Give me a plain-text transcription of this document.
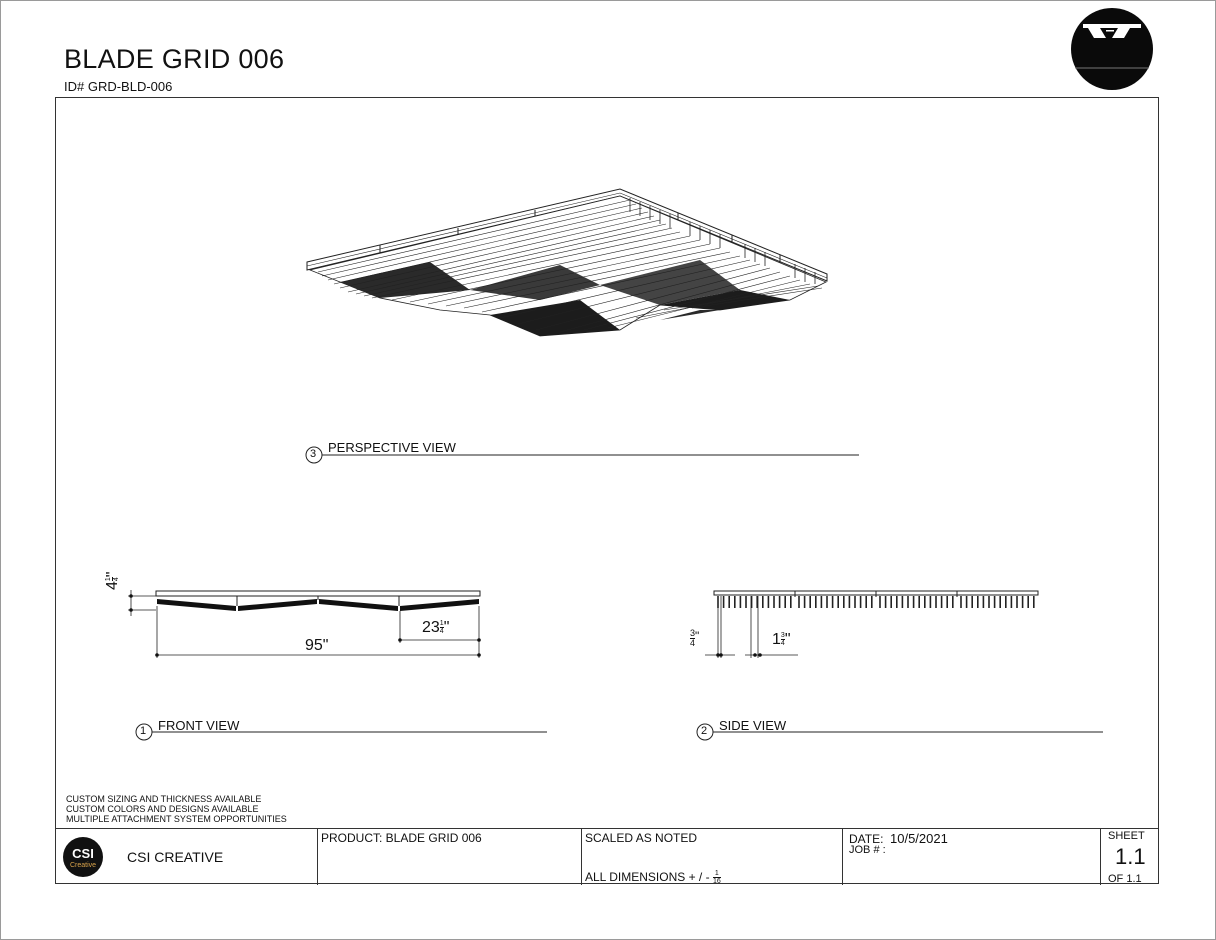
BLADE GRID 006
ID# GRD-BLD-006
3 PERSPECTIVE VIEW
1 FRONT VIEW	2 SIDE VIEW
4
1 4
"
95"
$23 \frac{1}{4}$ "
$\frac{3}{4} ^"$	$1 \frac{3}{4}$ "
CUSTOM SIZING AND THICKNESS AVAILABLE
CUSTOM COLORS AND DESIGNS AVAILABLE
MULTIPLE ATTACHMENT SYSTEM OPPORTUNITIES
CSI
Creative
CSI CREATIVE
PRODUCT: BLADE GRID 006	SCALED AS NOTED
ALL DIMENSIONS + / - $\frac{1}{16}$
DATE: 10/5/2021
JOB # :
SHEET
1.1
OF 1.1
